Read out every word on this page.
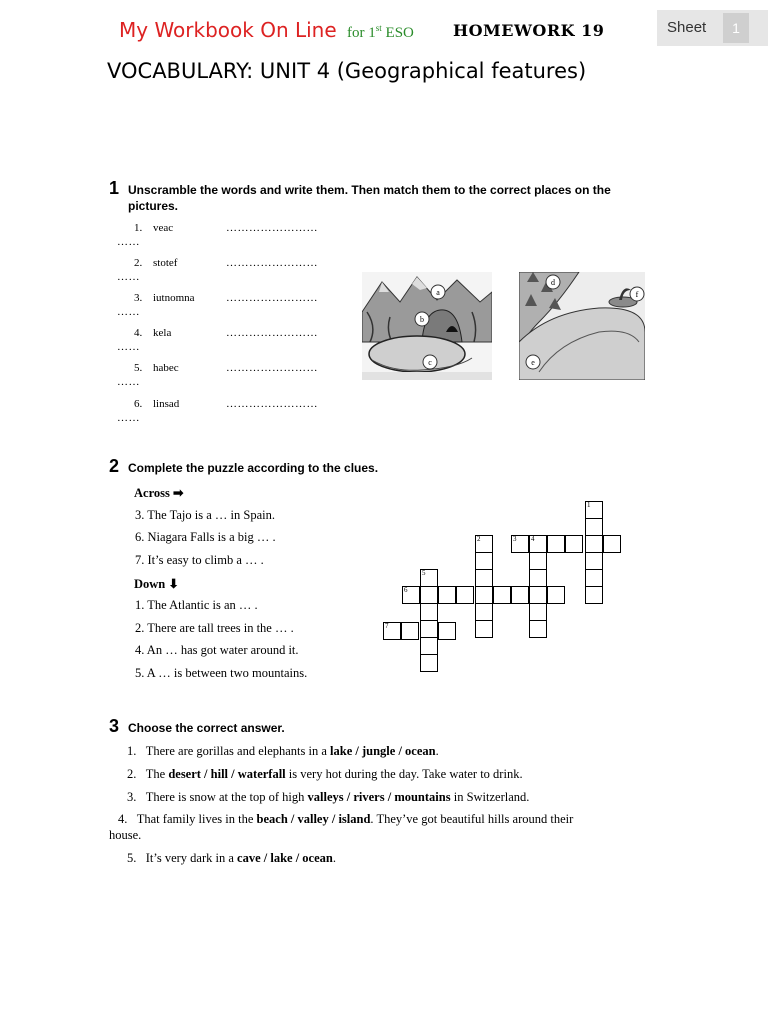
My Workbook On Line for 1st ESO HOMEWORK 19	Sheet	1
VOCABULARY: UNIT 4 (Geographical features)
1 Unscramble the words and write them. Then match them to the correct places on the
pictures.
1. veac	……………………
……
2. stotef	……………………
……
3. iutnomna	……………………
……
4. kela	……………………
……
5. habec	……………………
……
6. linsad	……………………
……
a
b
c
d
e
f
2 Complete the puzzle according to the clues.
Across ➡
3. The Tajo is a … in Spain.
6. Niagara Falls is a big … .
7. It’s easy to climb a … .
Down ⬇
1. The Atlantic is an … .
2. There are tall trees in the … .
4. An … has got water around it.
5. A … is between two mountains.
1
2	3 4
5
6
7
3 Choose the correct answer.
1. There are gorillas and elephants in a lake / jungle / ocean.
2. The desert / hill / waterfall is very hot during the day. Take water to drink.
3. There is snow at the top of high valleys / rivers / mountains in Switzerland.
4. That family lives in the beach / valley / island. They’ve got beautiful hills around their
house.
5. It’s very dark in a cave / lake / ocean.
